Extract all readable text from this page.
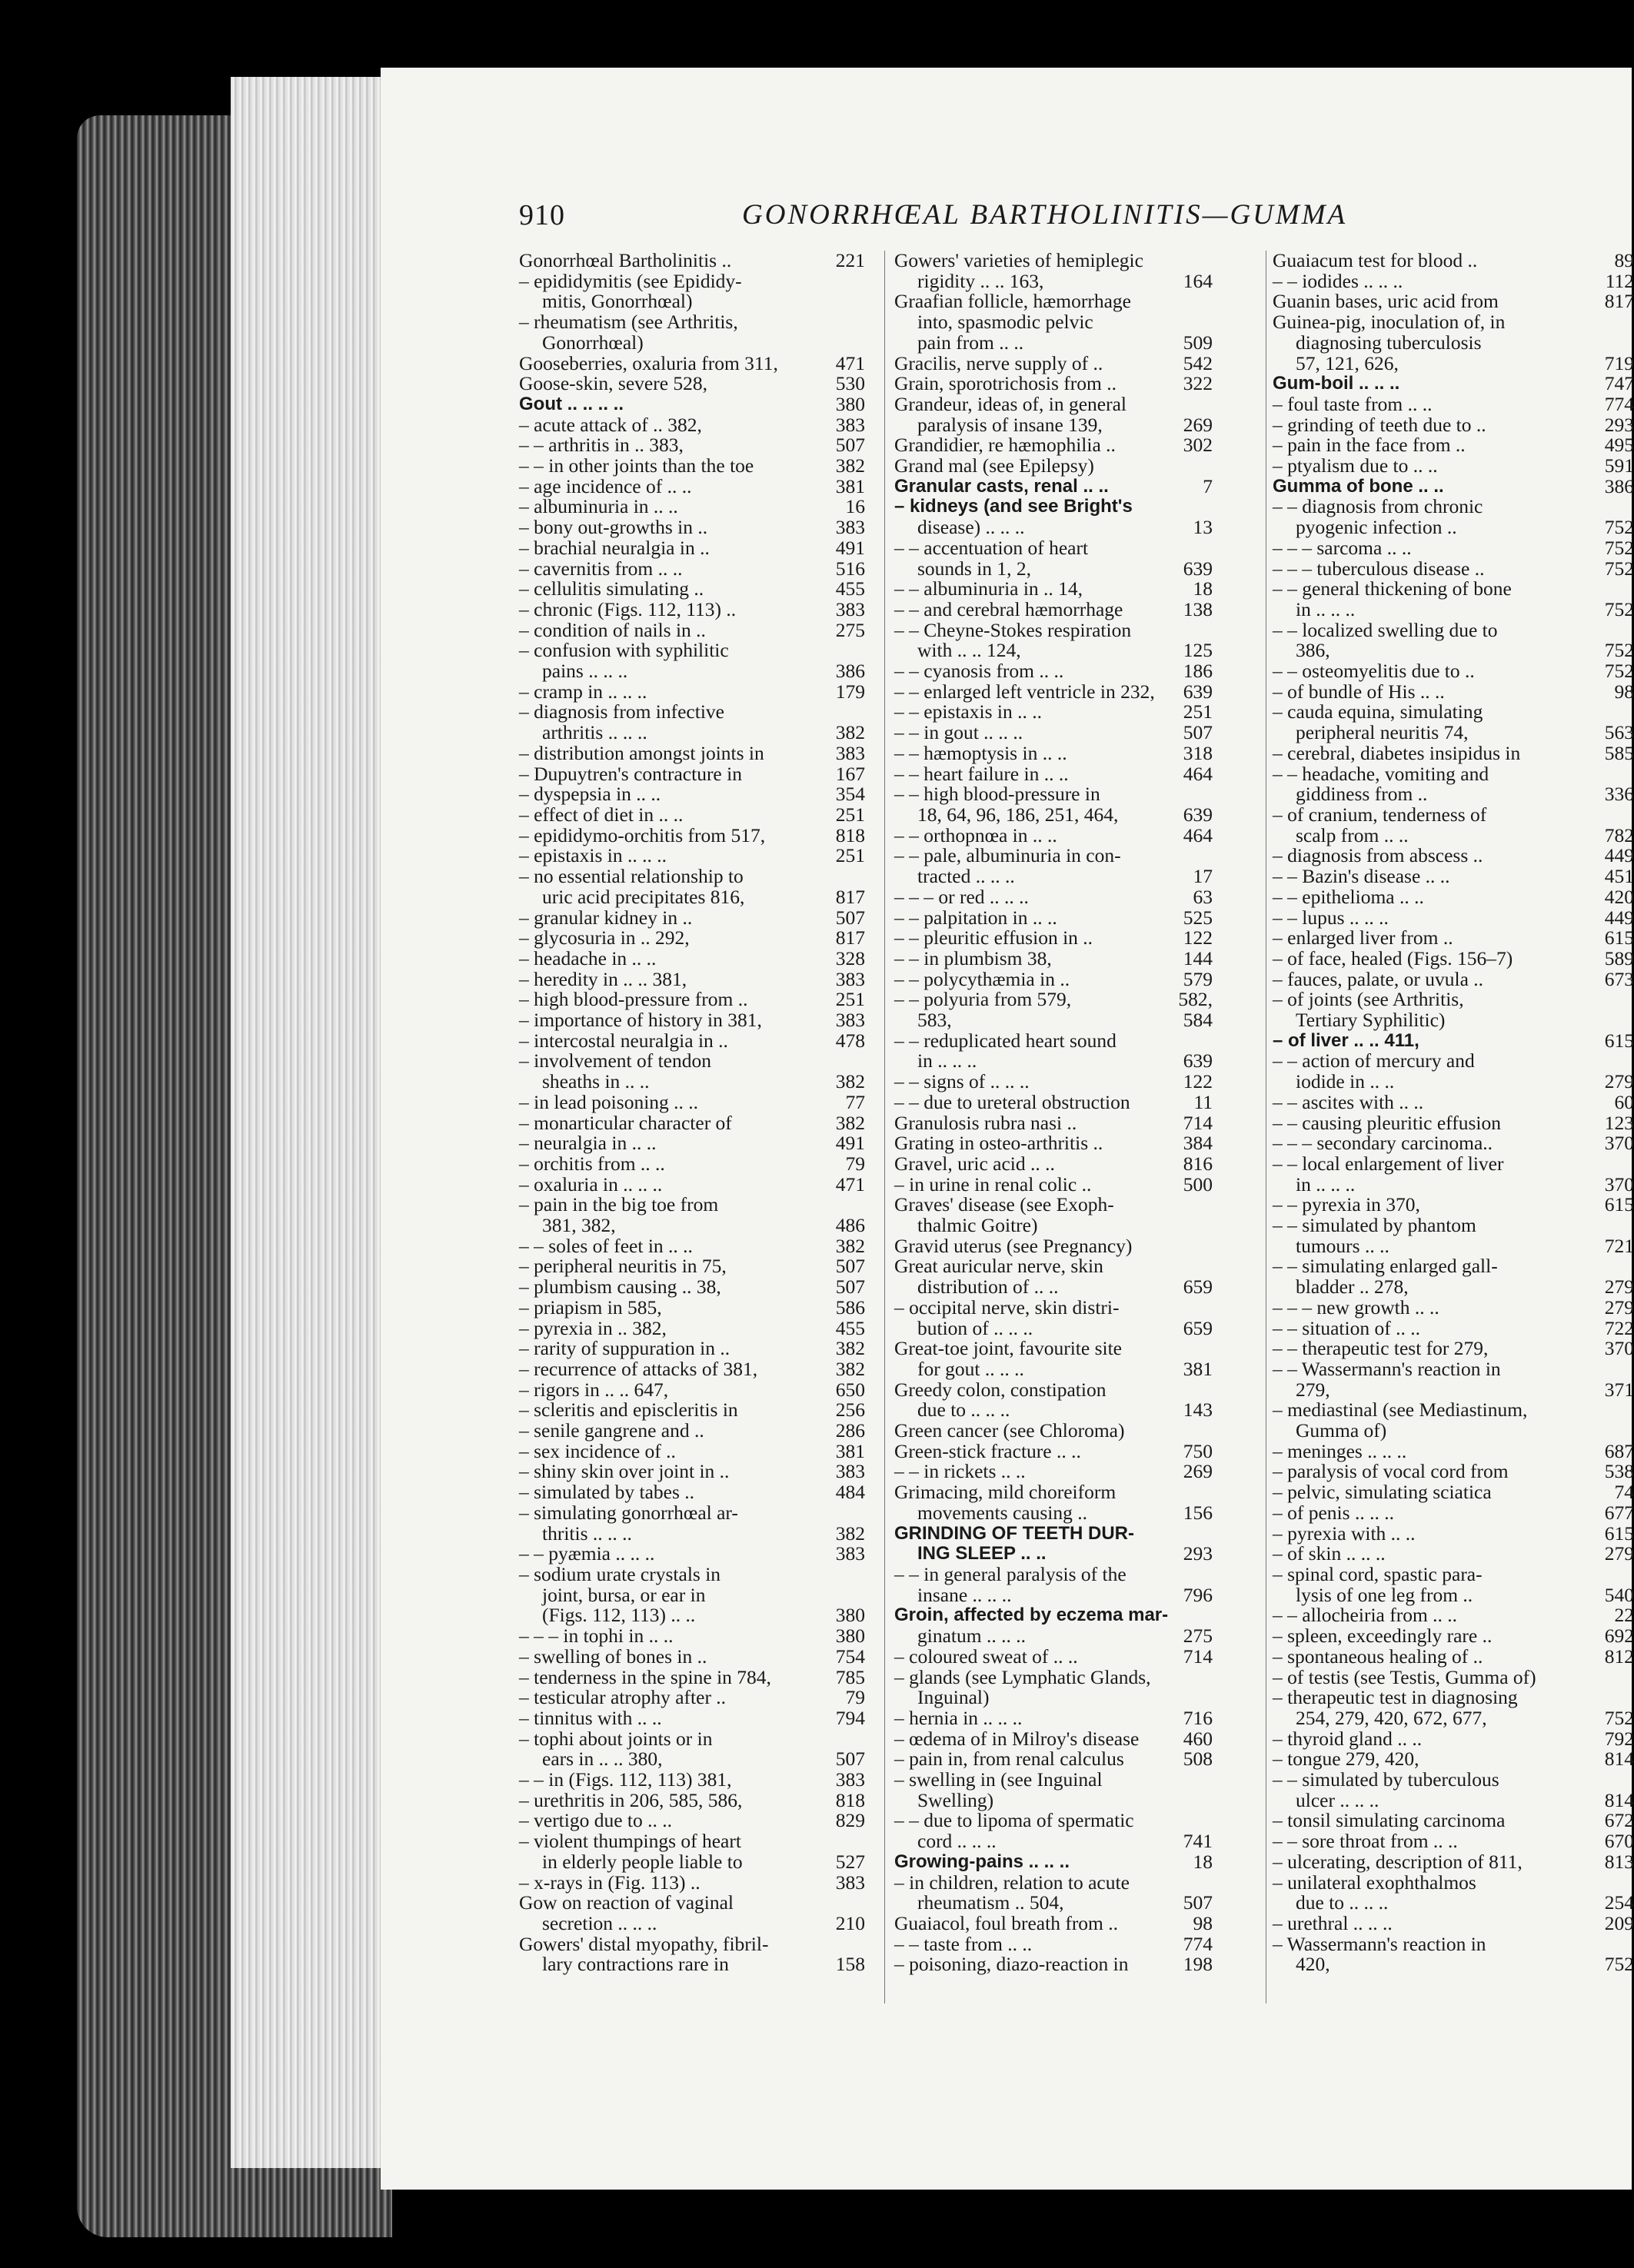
910	GONORRHŒAL BARTHOLINITIS—GUMMA
Gonorrhœal Bartholinitis ..	221
– epididymitis (see Epididy-
mitis, Gonorrhœal)
– rheumatism (see Arthritis,
Gonorrhœal)
Gooseberries, oxaluria from 311,	471
Goose-skin, severe 528,	530
Gout .. .. .. ..	380
– acute attack of .. 382,	383
– – arthritis in .. 383,	507
– – in other joints than the toe	382
– age incidence of .. ..	381
– albuminuria in .. ..	16
– bony out-growths in ..	383
– brachial neuralgia in ..	491
– cavernitis from .. ..	516
– cellulitis simulating ..	455
– chronic (Figs. 112, 113) ..	383
– condition of nails in ..	275
– confusion with syphilitic
pains .. .. ..	386
– cramp in .. .. ..	179
– diagnosis from infective
arthritis .. .. ..	382
– distribution amongst joints in	383
– Dupuytren's contracture in	167
– dyspepsia in .. ..	354
– effect of diet in .. ..	251
– epididymo-orchitis from 517,	818
– epistaxis in .. .. ..	251
– no essential relationship to
uric acid precipitates 816,	817
– granular kidney in ..	507
– glycosuria in .. 292,	817
– headache in .. ..	328
– heredity in .. .. 381,	383
– high blood-pressure from ..	251
– importance of history in 381,	383
– intercostal neuralgia in ..	478
– involvement of tendon
sheaths in .. ..	382
– in lead poisoning .. ..	77
– monarticular character of	382
– neuralgia in .. ..	491
– orchitis from .. ..	79
– oxaluria in .. .. ..	471
– pain in the big toe from
381, 382,	486
– – soles of feet in .. ..	382
– peripheral neuritis in 75,	507
– plumbism causing .. 38,	507
– priapism in 585,	586
– pyrexia in .. 382,	455
– rarity of suppuration in ..	382
– recurrence of attacks of 381,	382
– rigors in .. .. 647,	650
– scleritis and episcleritis in	256
– senile gangrene and ..	286
– sex incidence of ..	381
– shiny skin over joint in ..	383
– simulated by tabes ..	484
– simulating gonorrhœal ar-
thritis .. .. ..	382
– – pyæmia .. .. ..	383
– sodium urate crystals in
joint, bursa, or ear in
(Figs. 112, 113) .. ..	380
– – – in tophi in .. ..	380
– swelling of bones in ..	754
– tenderness in the spine in 784,	785
– testicular atrophy after ..	79
– tinnitus with .. ..	794
– tophi about joints or in
ears in .. .. 380,	507
– – in (Figs. 112, 113) 381,	383
– urethritis in 206, 585, 586,	818
– vertigo due to .. ..	829
– violent thumpings of heart
in elderly people liable to	527
– x-rays in (Fig. 113) ..	383
Gow on reaction of vaginal
secretion .. .. ..	210
Gowers' distal myopathy, fibril-
lary contractions rare in	158
Gowers' varieties of hemiplegic
rigidity .. .. 163,	164
Graafian follicle, hæmorrhage
into, spasmodic pelvic
pain from .. ..	509
Gracilis, nerve supply of ..	542
Grain, sporotrichosis from ..	322
Grandeur, ideas of, in general
paralysis of insane 139,	269
Grandidier, re hæmophilia ..	302
Grand mal (see Epilepsy)
Granular casts, renal .. ..	7
– kidneys (and see Bright's
disease) .. .. ..	13
– – accentuation of heart
sounds in 1, 2,	639
– – albuminuria in .. 14,	18
– – and cerebral hæmorrhage	138
– – Cheyne-Stokes respiration
with .. .. 124,	125
– – cyanosis from .. ..	186
– – enlarged left ventricle in 232, 639
– – epistaxis in .. ..	251
– – in gout .. .. ..	507
– – hæmoptysis in .. ..	318
– – heart failure in .. ..	464
– – high blood-pressure in
18, 64, 96, 186, 251, 464,	639
– – orthopnœa in .. ..	464
– – pale, albuminuria in con-
tracted .. .. ..	17
– – – or red .. .. ..	63
– – palpitation in .. ..	525
– – pleuritic effusion in ..	122
– – in plumbism 38,	144
– – polycythæmia in ..	579
– – polyuria from 579,	582,
583,	584
– – reduplicated heart sound
in .. .. ..	639
– – signs of .. .. ..	122
– – due to ureteral obstruction	11
Granulosis rubra nasi ..	714
Grating in osteo-arthritis ..	384
Gravel, uric acid .. ..	816
– in urine in renal colic ..	500
Graves' disease (see Exoph-
thalmic Goitre)
Gravid uterus (see Pregnancy)
Great auricular nerve, skin
distribution of .. ..	659
– occipital nerve, skin distri-
bution of .. .. ..	659
Great-toe joint, favourite site
for gout .. .. ..	381
Greedy colon, constipation
due to .. .. ..	143
Green cancer (see Chloroma)
Green-stick fracture .. ..	750
– – in rickets .. ..	269
Grimacing, mild choreiform
movements causing ..	156
GRINDING OF TEETH DUR-
ING SLEEP .. ..	293
– – in general paralysis of the
insane .. .. ..	796
Groin, affected by eczema mar-
ginatum .. .. ..	275
– coloured sweat of .. ..	714
– glands (see Lymphatic Glands,
Inguinal)
– hernia in .. .. ..	716
– œdema of in Milroy's disease 460
– pain in, from renal calculus	508
– swelling in (see Inguinal
Swelling)
– – due to lipoma of spermatic
cord .. .. ..	741
Growing-pains .. .. ..	18
– in children, relation to acute
rheumatism .. 504,	507
Guaiacol, foul breath from ..	98
– – taste from .. ..	774
– poisoning, diazo-reaction in	198
Guaiacum test for blood ..	89
– – iodides .. .. ..	112
Guanin bases, uric acid from	817
Guinea-pig, inoculation of, in
diagnosing tuberculosis
57, 121, 626,	719
Gum-boil .. .. ..	747
– foul taste from .. ..	774
– grinding of teeth due to ..	293
– pain in the face from ..	495
– ptyalism due to .. ..	591
Gumma of bone .. ..	386
– – diagnosis from chronic
pyogenic infection ..	752
– – – sarcoma .. ..	752
– – – tuberculous disease ..	752
– – general thickening of bone
in .. .. ..	752
– – localized swelling due to
386,	752
– – osteomyelitis due to ..	752
– of bundle of His .. ..	98
– cauda equina, simulating
peripheral neuritis 74,	563
– cerebral, diabetes insipidus in	585
– – headache, vomiting and
giddiness from ..	336
– of cranium, tenderness of
scalp from .. ..	782
– diagnosis from abscess ..	449
– – Bazin's disease .. ..	451
– – epithelioma .. ..	420
– – lupus .. .. ..	449
– enlarged liver from ..	615
– of face, healed (Figs. 156–7)	589
– fauces, palate, or uvula ..	673
– of joints (see Arthritis,
Tertiary Syphilitic)
– of liver .. .. 411,	615
– – action of mercury and
iodide in .. ..	279
– – ascites with .. ..	60
– – causing pleuritic effusion	123
– – – secondary carcinoma..	370
– – local enlargement of liver
in .. .. ..	370
– – pyrexia in 370,	615
– – simulated by phantom
tumours .. ..	721
– – simulating enlarged gall-
bladder .. 278,	279
– – – new growth .. ..	279
– – situation of .. ..	722
– – therapeutic test for 279,	370
– – Wassermann's reaction in
279,	371
– mediastinal (see Mediastinum,
Gumma of)
– meninges .. .. ..	687
– paralysis of vocal cord from	538
– pelvic, simulating sciatica	74
– of penis .. .. ..	677
– pyrexia with .. ..	615
– of skin .. .. ..	279
– spinal cord, spastic para-
lysis of one leg from ..	540
– – allocheiria from .. ..	22
– spleen, exceedingly rare ..	692
– spontaneous healing of ..	812
– of testis (see Testis, Gumma of)
– therapeutic test in diagnosing
254, 279, 420, 672, 677,	752
– thyroid gland .. ..	792
– tongue 279, 420,	814
– – simulated by tuberculous
ulcer .. .. ..	814
– tonsil simulating carcinoma	672
– – sore throat from .. ..	670
– ulcerating, description of 811,	813
– unilateral exophthalmos
due to .. .. ..	254
– urethral .. .. ..	209
– Wassermann's reaction in
420,	752
